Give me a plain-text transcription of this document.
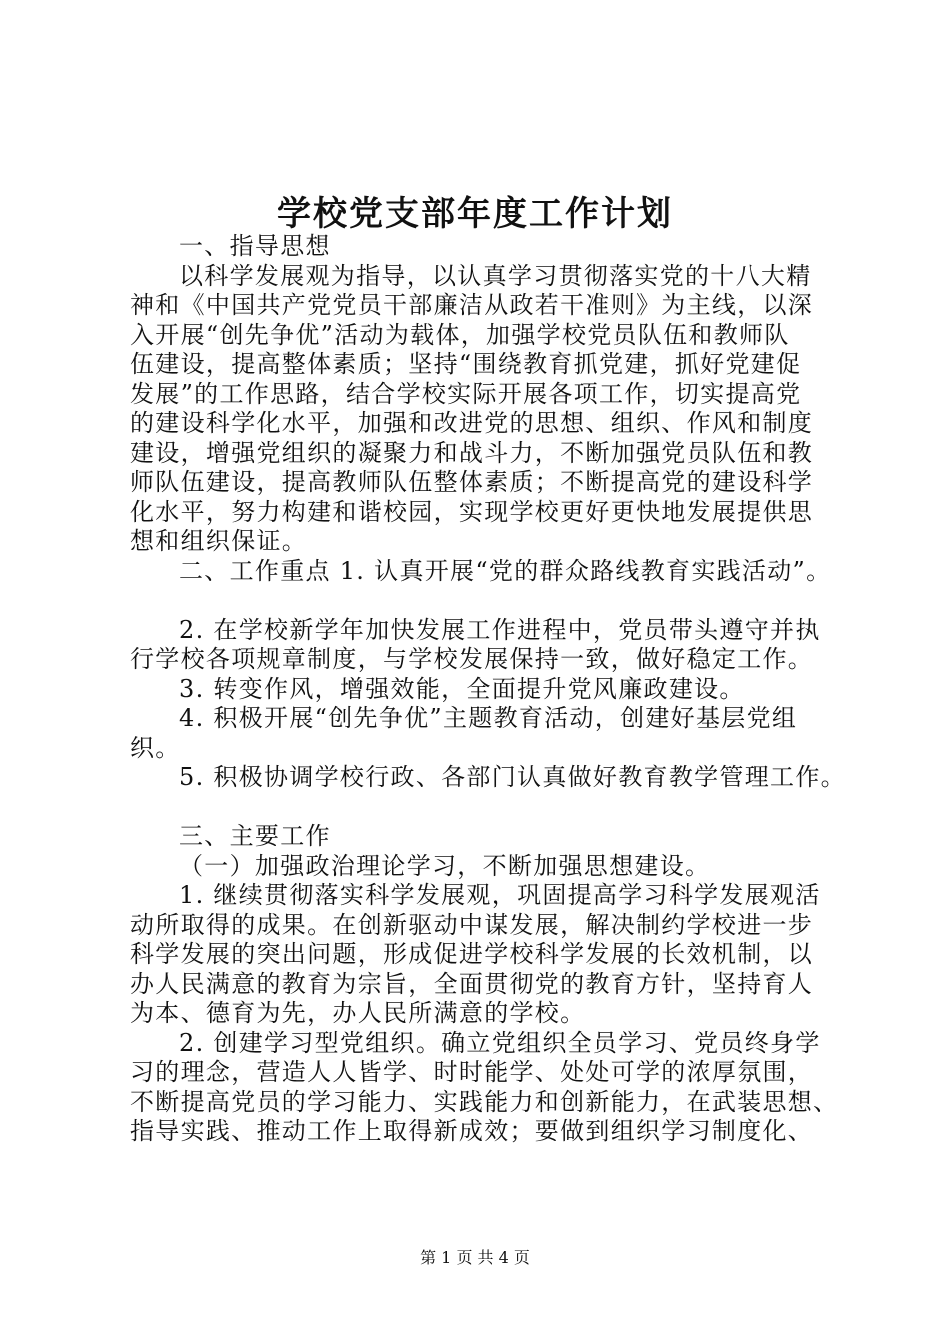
学校党支部年度工作计划
一、指导思想
以科学发展观为指导，以认真学习贯彻落实党的十八大精
神和《中国共产党党员干部廉洁从政若干准则》为主线，以深
入开展“创先争优”活动为载体，加强学校党员队伍和教师队
伍建设，提高整体素质；坚持“围绕教育抓党建，抓好党建促
发展”的工作思路，结合学校实际开展各项工作，切实提高党
的建设科学化水平，加强和改进党的思想、组织、作风和制度
建设，增强党组织的凝聚力和战斗力，不断加强党员队伍和教
师队伍建设，提高教师队伍整体素质；不断提高党的建设科学
化水平，努力构建和谐校园，实现学校更好更快地发展提供思
想和组织保证。
二、工作重点 1. 认真开展“党的群众路线教育实践活动”。
2. 在学校新学年加快发展工作进程中，党员带头遵守并执
行学校各项规章制度，与学校发展保持一致，做好稳定工作。
3. 转变作风，增强效能，全面提升党风廉政建设。
4. 积极开展“创先争优”主题教育活动，创建好基层党组
织。
5. 积极协调学校行政、各部门认真做好教育教学管理工作。
三、主要工作
（一）加强政治理论学习，不断加强思想建设。
1. 继续贯彻落实科学发展观，巩固提高学习科学发展观活
动所取得的成果。在创新驱动中谋发展，解决制约学校进一步
科学发展的突出问题，形成促进学校科学发展的长效机制，以
办人民满意的教育为宗旨，全面贯彻党的教育方针，坚持育人
为本、德育为先，办人民所满意的学校。
2. 创建学习型党组织。确立党组织全员学习、党员终身学
习的理念，营造人人皆学、时时能学、处处可学的浓厚氛围，
不断提高党员的学习能力、实践能力和创新能力，在武装思想、
指导实践、推动工作上取得新成效；要做到组织学习制度化、
第 1 页 共 4 页
